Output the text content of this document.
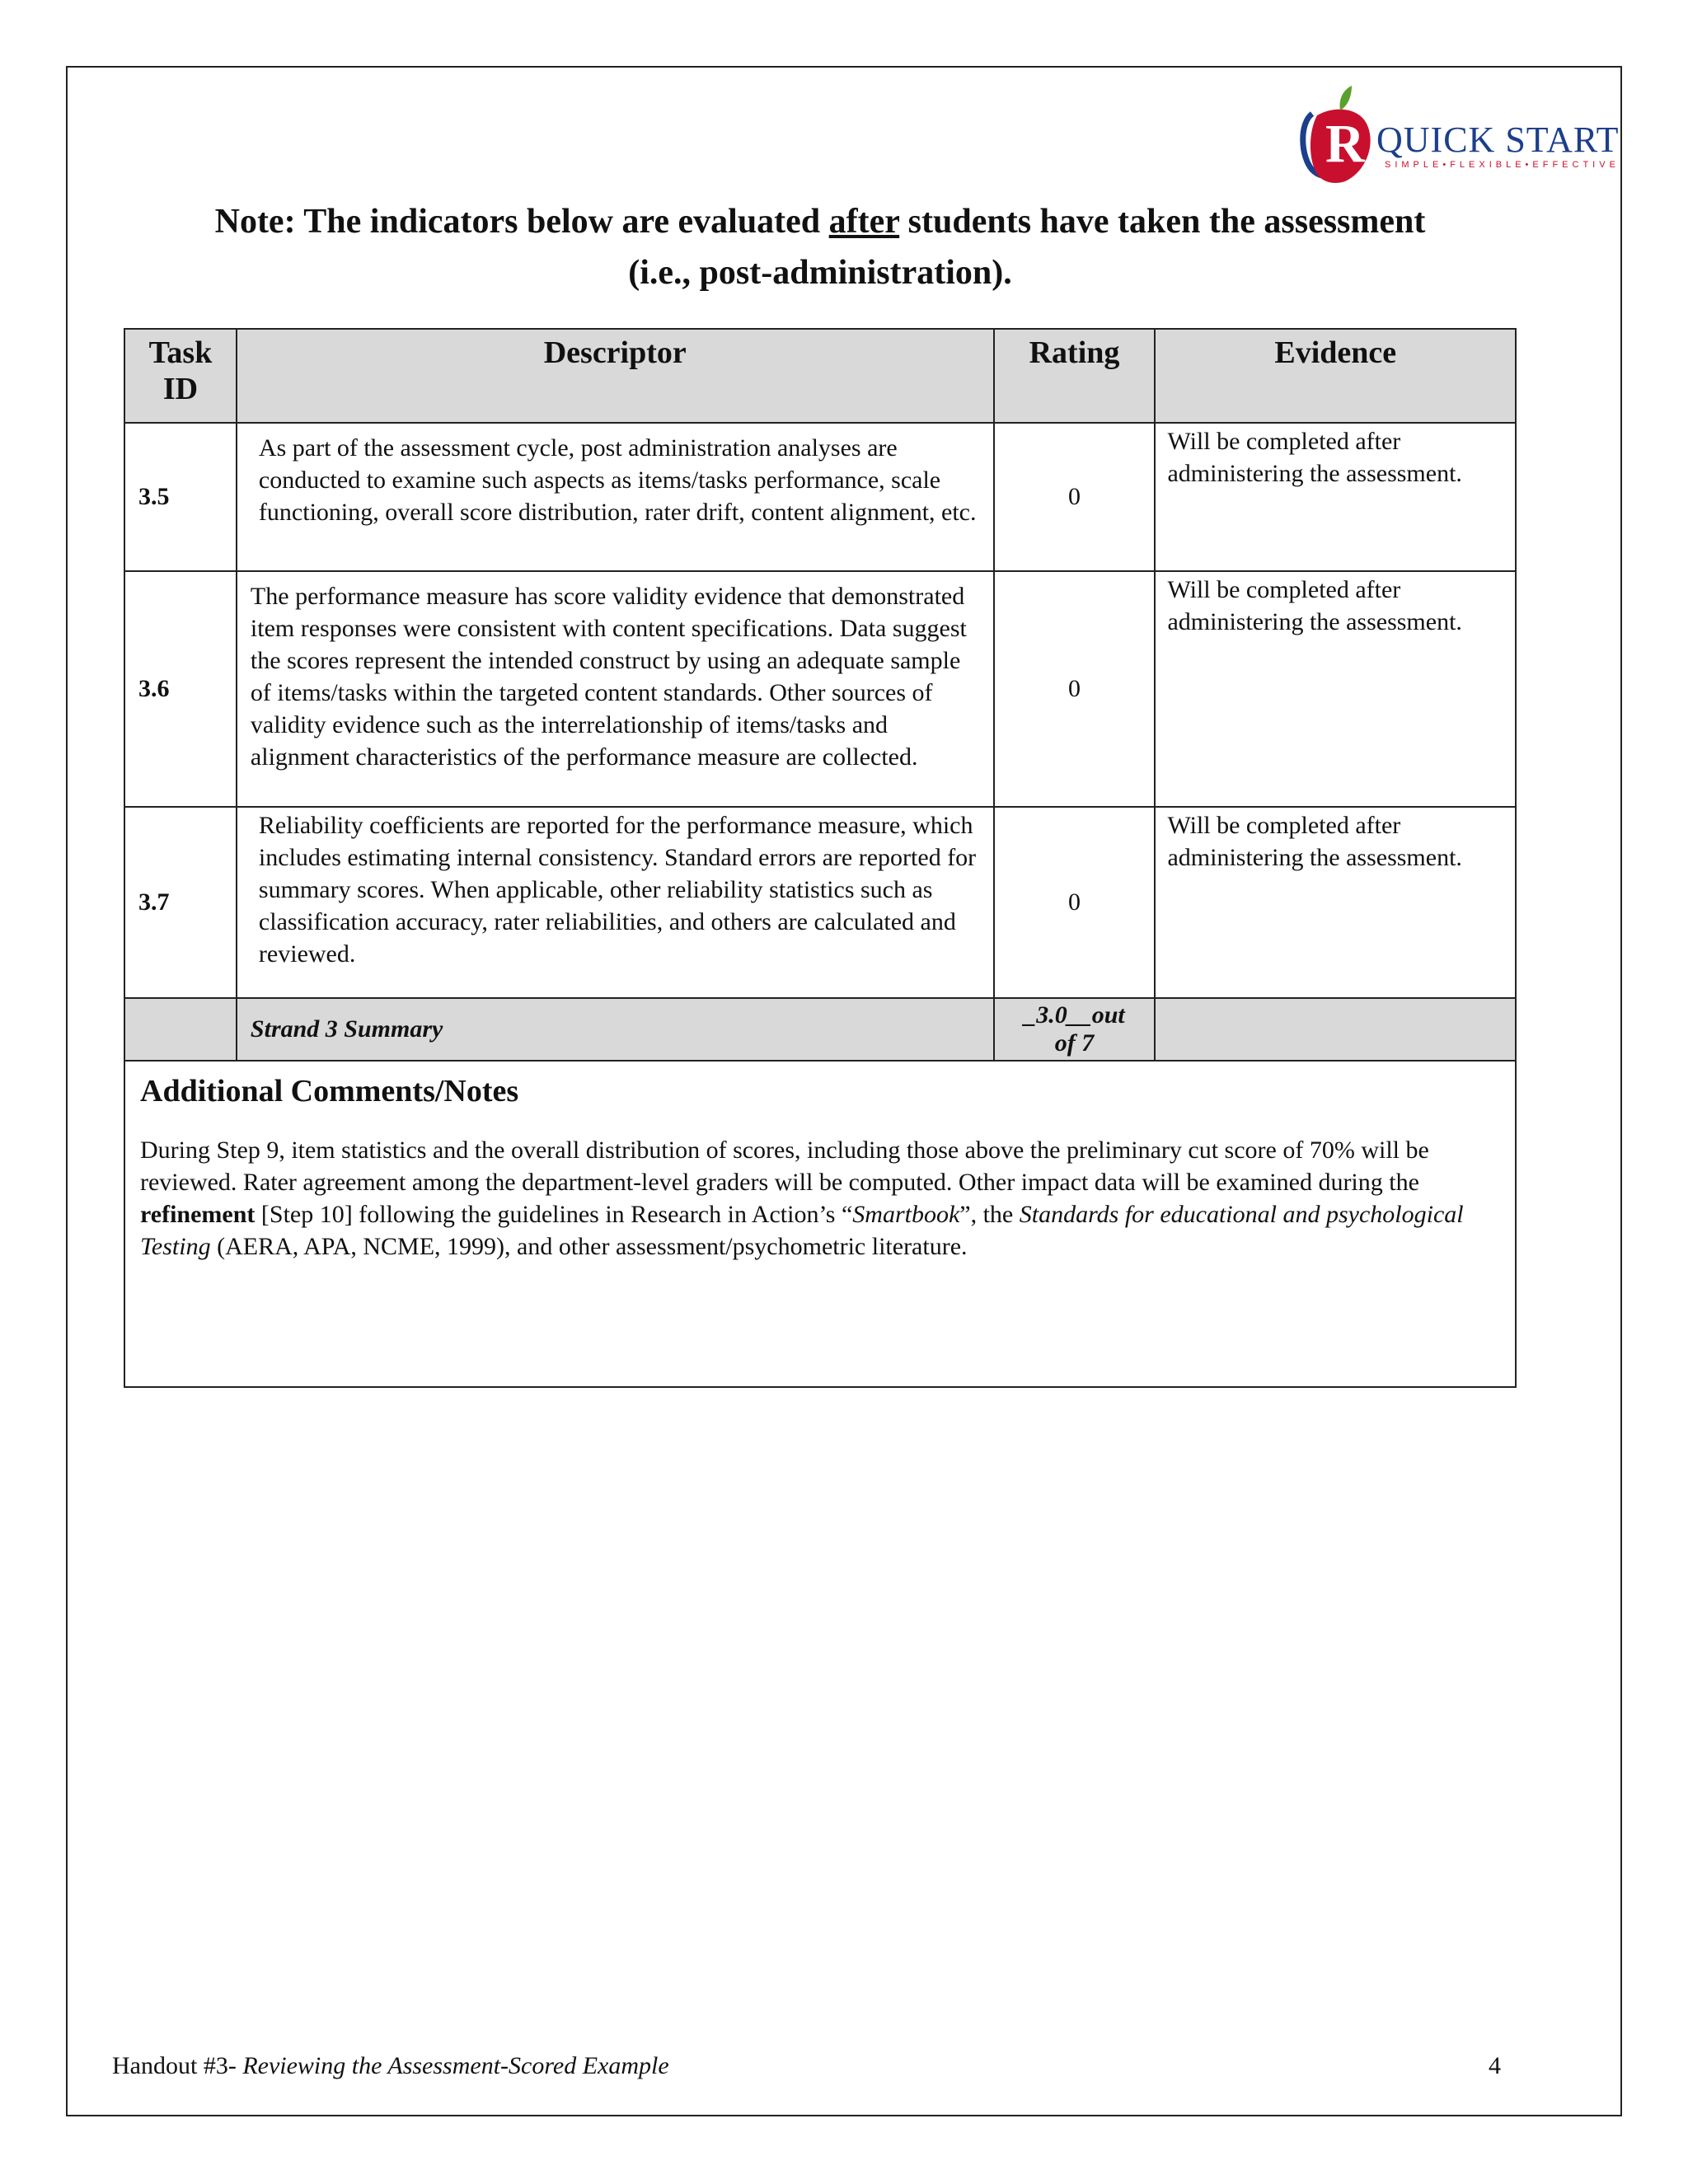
R QUICK START
SIMPLE•FLEXIBLE•EFFECTIVE
Note: The indicators below are evaluated after students have taken the assessment
(i.e., post-administration).
Task ID	Descriptor	Rating	Evidence
3.5	As part of the assessment cycle, post administration analyses are conducted to examine such aspects as items/tasks performance, scale functioning, overall score distribution, rater drift, content alignment, etc.	0	Will be completed after administering the assessment.
3.6	The performance measure has score validity evidence that demonstrated item responses were consistent with content specifications. Data suggest the scores represent the intended construct by using an adequate sample of items/tasks within the targeted content standards. Other sources of validity evidence such as the interrelationship of items/tasks and alignment characteristics of the performance measure are collected.	0	Will be completed after administering the assessment.
3.7	Reliability coefficients are reported for the performance measure, which includes estimating internal consistency. Standard errors are reported for summary scores. When applicable, other reliability statistics such as classification accuracy, rater reliabilities, and others are calculated and reviewed.	0	Will be completed after administering the assessment.
	Strand 3 Summary	_3.0__out of 7	

Additional Comments/Notes

During Step 9, item statistics and the overall distribution of scores, including those above the preliminary cut score of 70% will be reviewed. Rater agreement among the department-level graders will be computed. Other impact data will be examined during the refinement [Step 10] following the guidelines in Research in Action’s “Smartbook”, the Standards for educational and psychological Testing (AERA, APA, NCME, 1999), and other assessment/psychometric literature.			

Handout #3- Reviewing the Assessment-Scored Example	4
